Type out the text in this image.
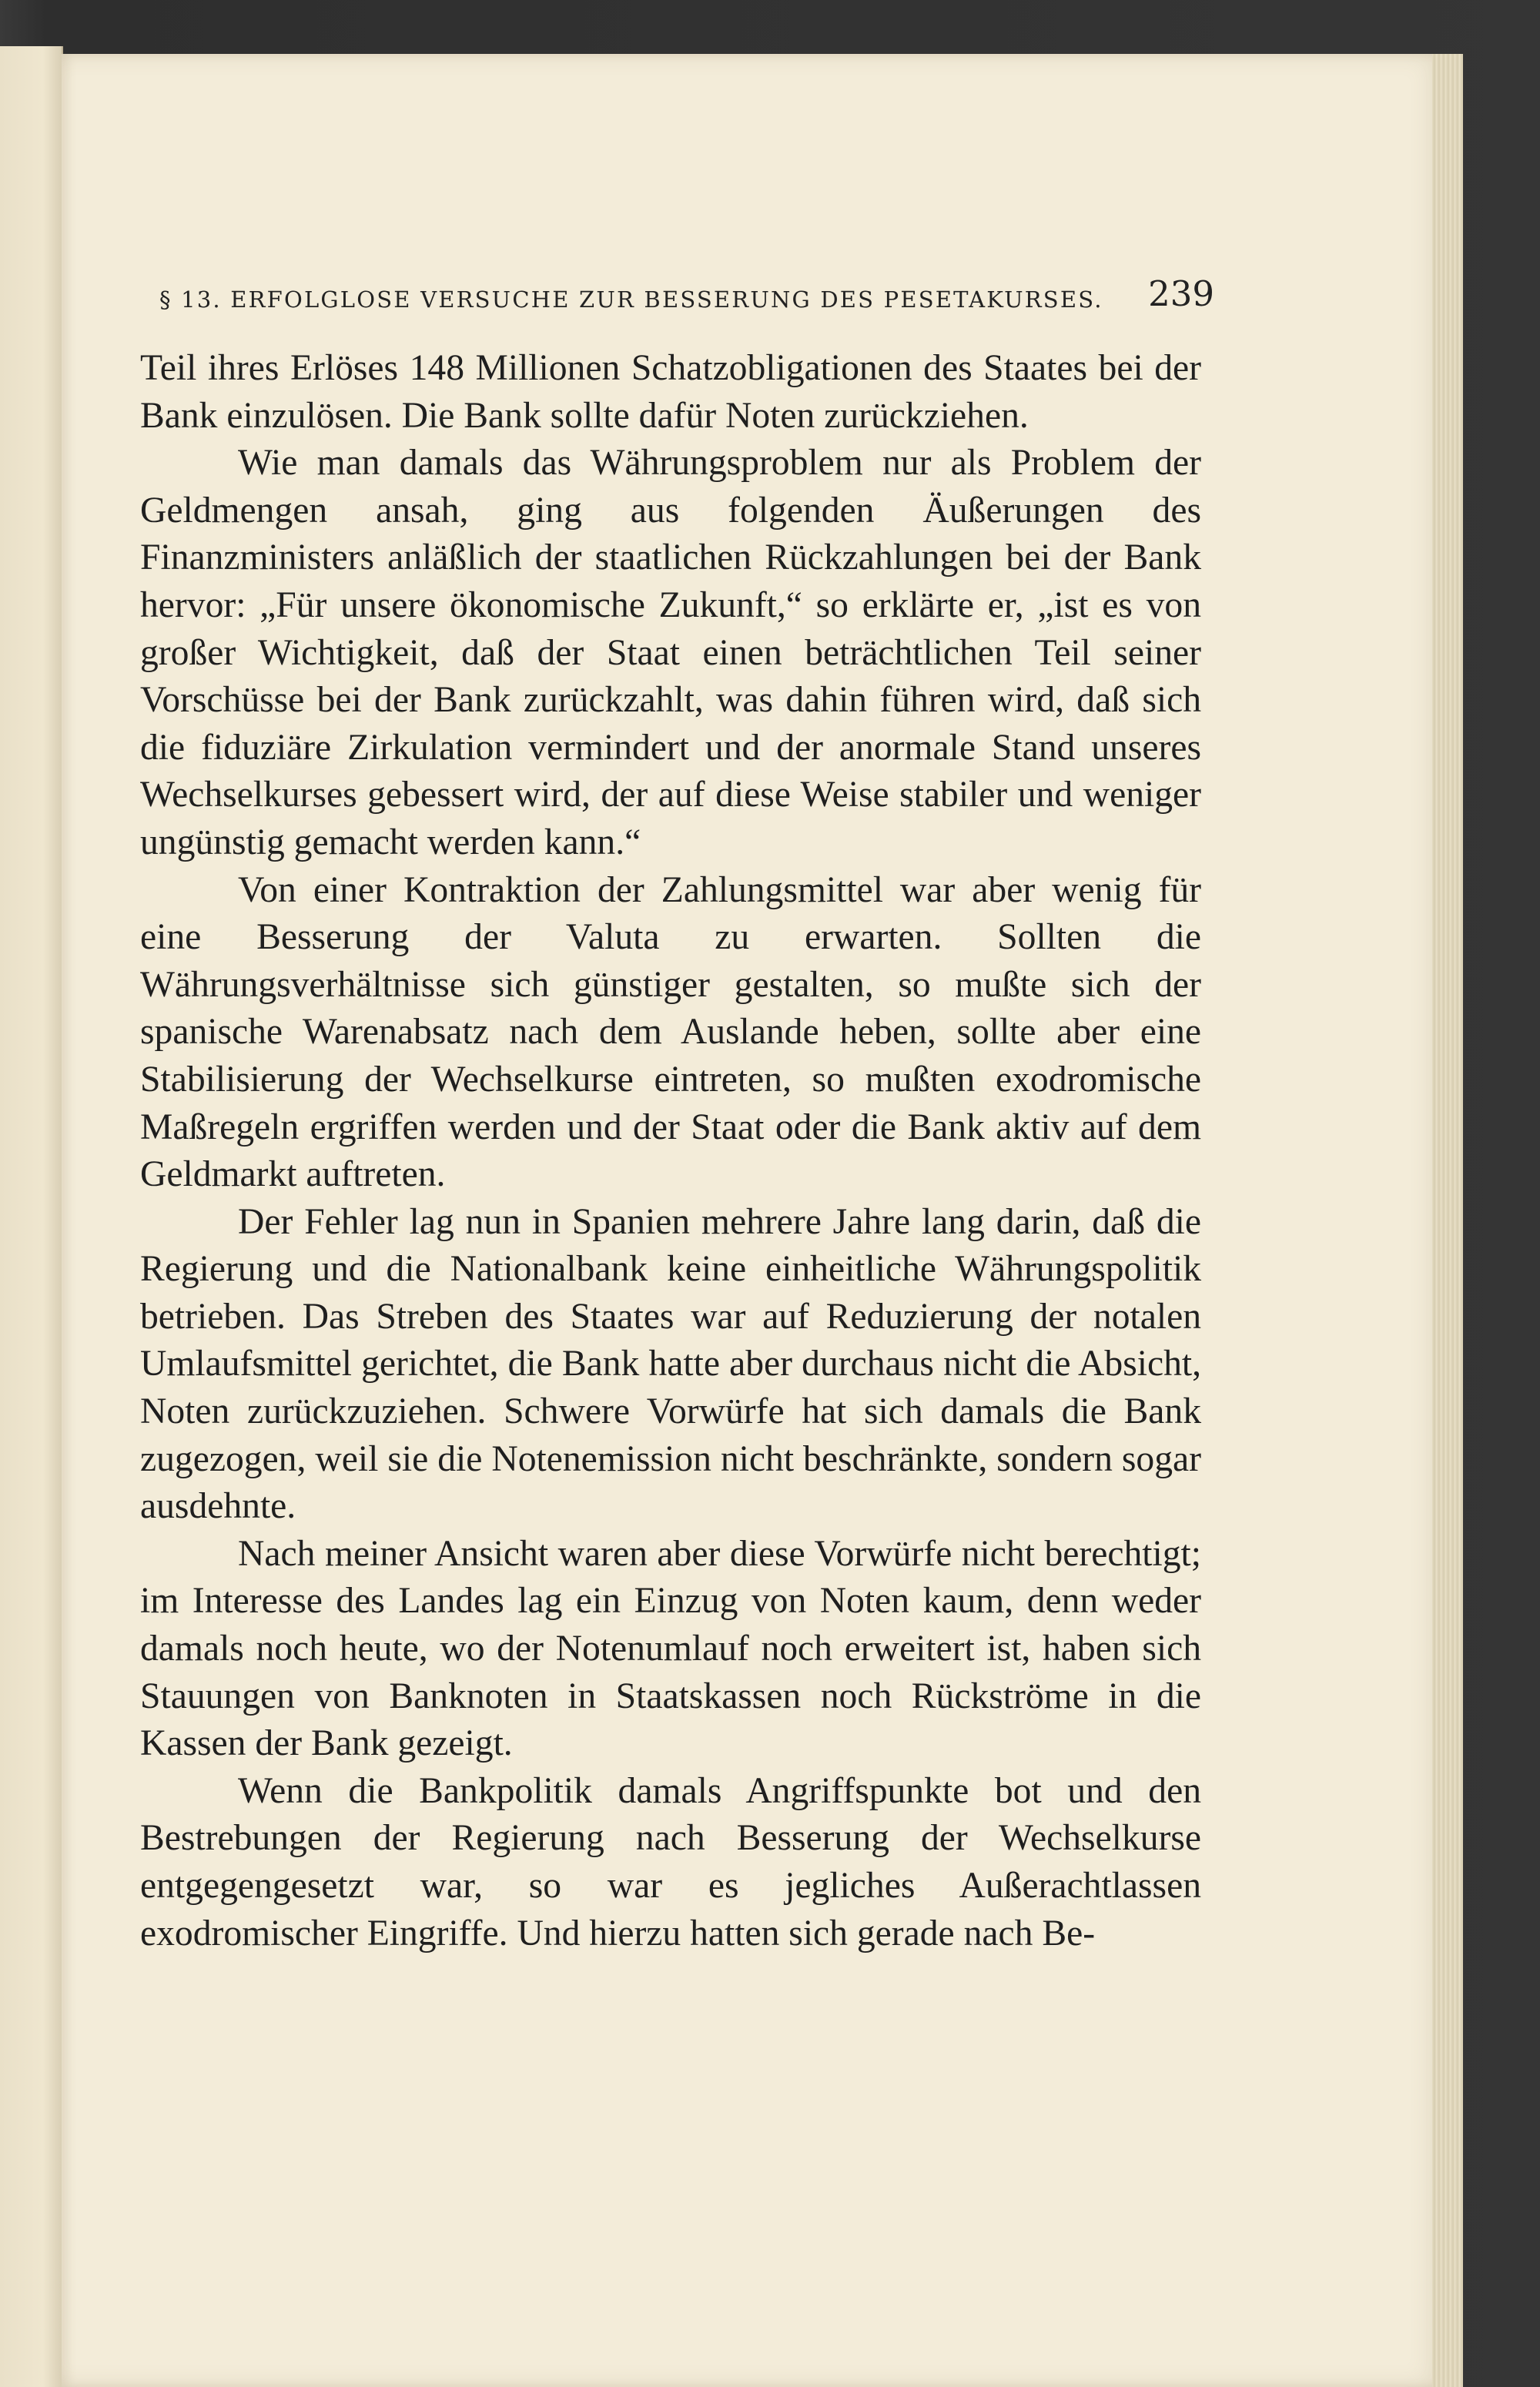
§ 13. ERFOLGLOSE VERSUCHE ZUR BESSERUNG DES PESETAKURSES. 239

Teil ihres Erlöses 148 Millionen Schatzobligationen des Staates bei der Bank einzulösen. Die Bank sollte dafür Noten zurückziehen.

Wie man damals das Währungsproblem nur als Problem der Geldmengen ansah, ging aus folgenden Äußerungen des Finanzministers anläßlich der staatlichen Rückzahlungen bei der Bank hervor: „Für unsere ökonomische Zukunft,“ so erklärte er, „ist es von großer Wichtigkeit, daß der Staat einen beträchtlichen Teil seiner Vorschüsse bei der Bank zurückzahlt, was dahin führen wird, daß sich die fiduziäre Zirkulation vermindert und der anormale Stand unseres Wechselkurses gebessert wird, der auf diese Weise stabiler und weniger ungünstig gemacht werden kann.“

Von einer Kontraktion der Zahlungsmittel war aber wenig für eine Besserung der Valuta zu erwarten. Sollten die Währungsverhältnisse sich günstiger gestalten, so mußte sich der spanische Warenabsatz nach dem Auslande heben, sollte aber eine Stabilisierung der Wechselkurse eintreten, so mußten exodromische Maßregeln ergriffen werden und der Staat oder die Bank aktiv auf dem Geldmarkt auftreten.

Der Fehler lag nun in Spanien mehrere Jahre lang darin, daß die Regierung und die Nationalbank keine einheitliche Währungspolitik betrieben. Das Streben des Staates war auf Reduzierung der notalen Umlaufsmittel gerichtet, die Bank hatte aber durchaus nicht die Absicht, Noten zurückzuziehen. Schwere Vorwürfe hat sich damals die Bank zugezogen, weil sie die Notenemission nicht beschränkte, sondern sogar ausdehnte.

Nach meiner Ansicht waren aber diese Vorwürfe nicht berechtigt; im Interesse des Landes lag ein Einzug von Noten kaum, denn weder damals noch heute, wo der Notenumlauf noch erweitert ist, haben sich Stauungen von Banknoten in Staatskassen noch Rückströme in die Kassen der Bank gezeigt.

Wenn die Bankpolitik damals Angriffspunkte bot und den Bestrebungen der Regierung nach Besserung der Wechselkurse entgegengesetzt war, so war es jegliches Außerachtlassen exodromischer Eingriffe. Und hierzu hatten sich gerade nach Be-
